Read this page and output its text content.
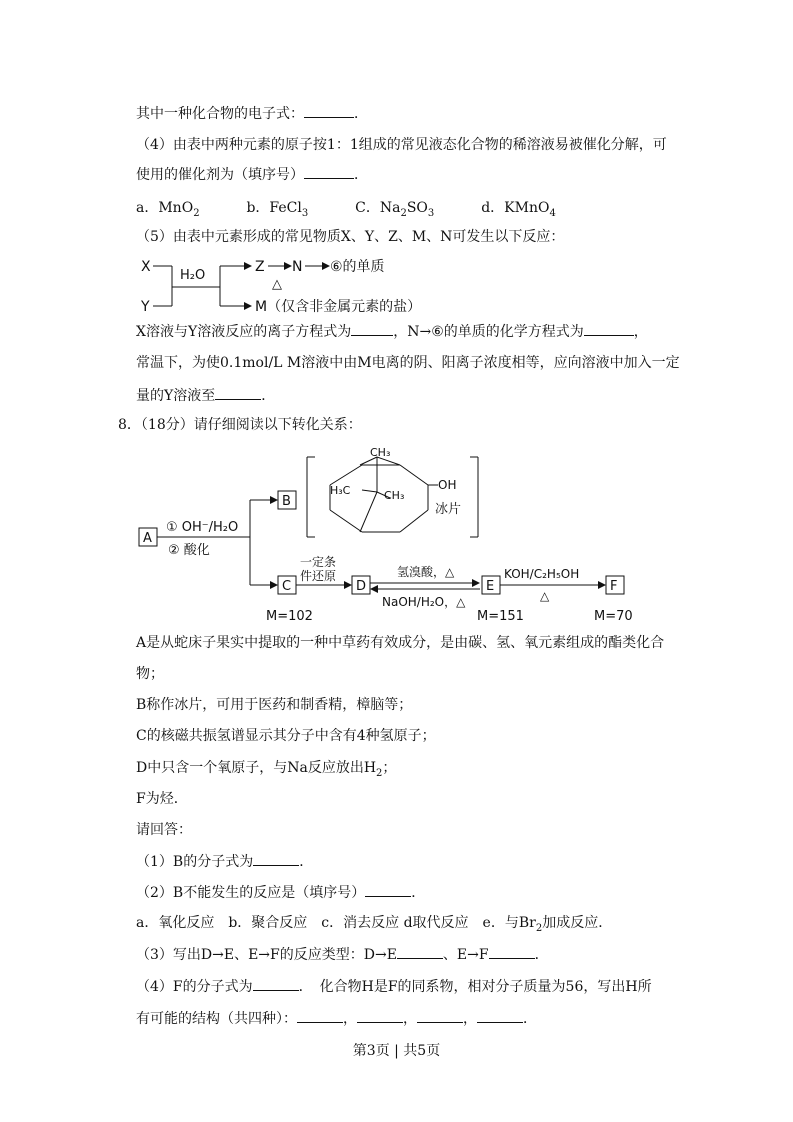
其中一种化合物的电子式：	．
（4）由表中两种元素的原子按1：1组成的常见液态化合物的稀溶液易被催化分解，可
使用的催化剂为（填序号）	．
a．MnO$_2$	b．FeCl$_3$	C．$Na_2SO_3$	d．KMnO$_4$
（5）由表中元素形成的常见物质X、Y、Z、M、N可发生以下反应：
X
Y
H₂O
Z
△
N ⑥的单质
M（仅含非金属元素的盐）
X溶液与Y溶液反应的离子方程式为	，N→⑥的单质的化学方程式为	，
常温下，为使0.1mol/L M溶液中由M电离的阴、阳离子浓度相等，应向溶液中加入一定
量的Y溶液至	．
8．（18分）请仔细阅读以下转化关系：
A
① OH⁻/H₂O
② 酸化
B
CH₃
H₃C	CH₃
OH
冰片
C
一定条
件还原
D
氢溴酸，△
NaOH/H₂O，△
E
KOH/C₂H₅OH
△
F
M=102	M=151	M=70
A是从蛇床子果实中提取的一种中草药有效成分，是由碳、氢、氧元素组成的酯类化合
物；
B称作冰片，可用于医药和制香精，樟脑等；
C的核磁共振氢谱显示其分子中含有4种氢原子；
D中只含一个氧原子，与Na反应放出$H_2$；
F为烃．
请回答：
（1）B的分子式为	．
（2）B不能发生的反应是（填序号）	．
a．氧化反应　b．聚合反应　c．消去反应 d取代反应　e．与$Br_2$加成反应．
（3）写出D→E、E→F的反应类型：D→E	、E→F	．
（4）F的分子式为	．　化合物H是F的同系物，相对分子质量为56，写出H所
有可能的结构（共四种）：	，	，	，	．
第3页 | 共5页
